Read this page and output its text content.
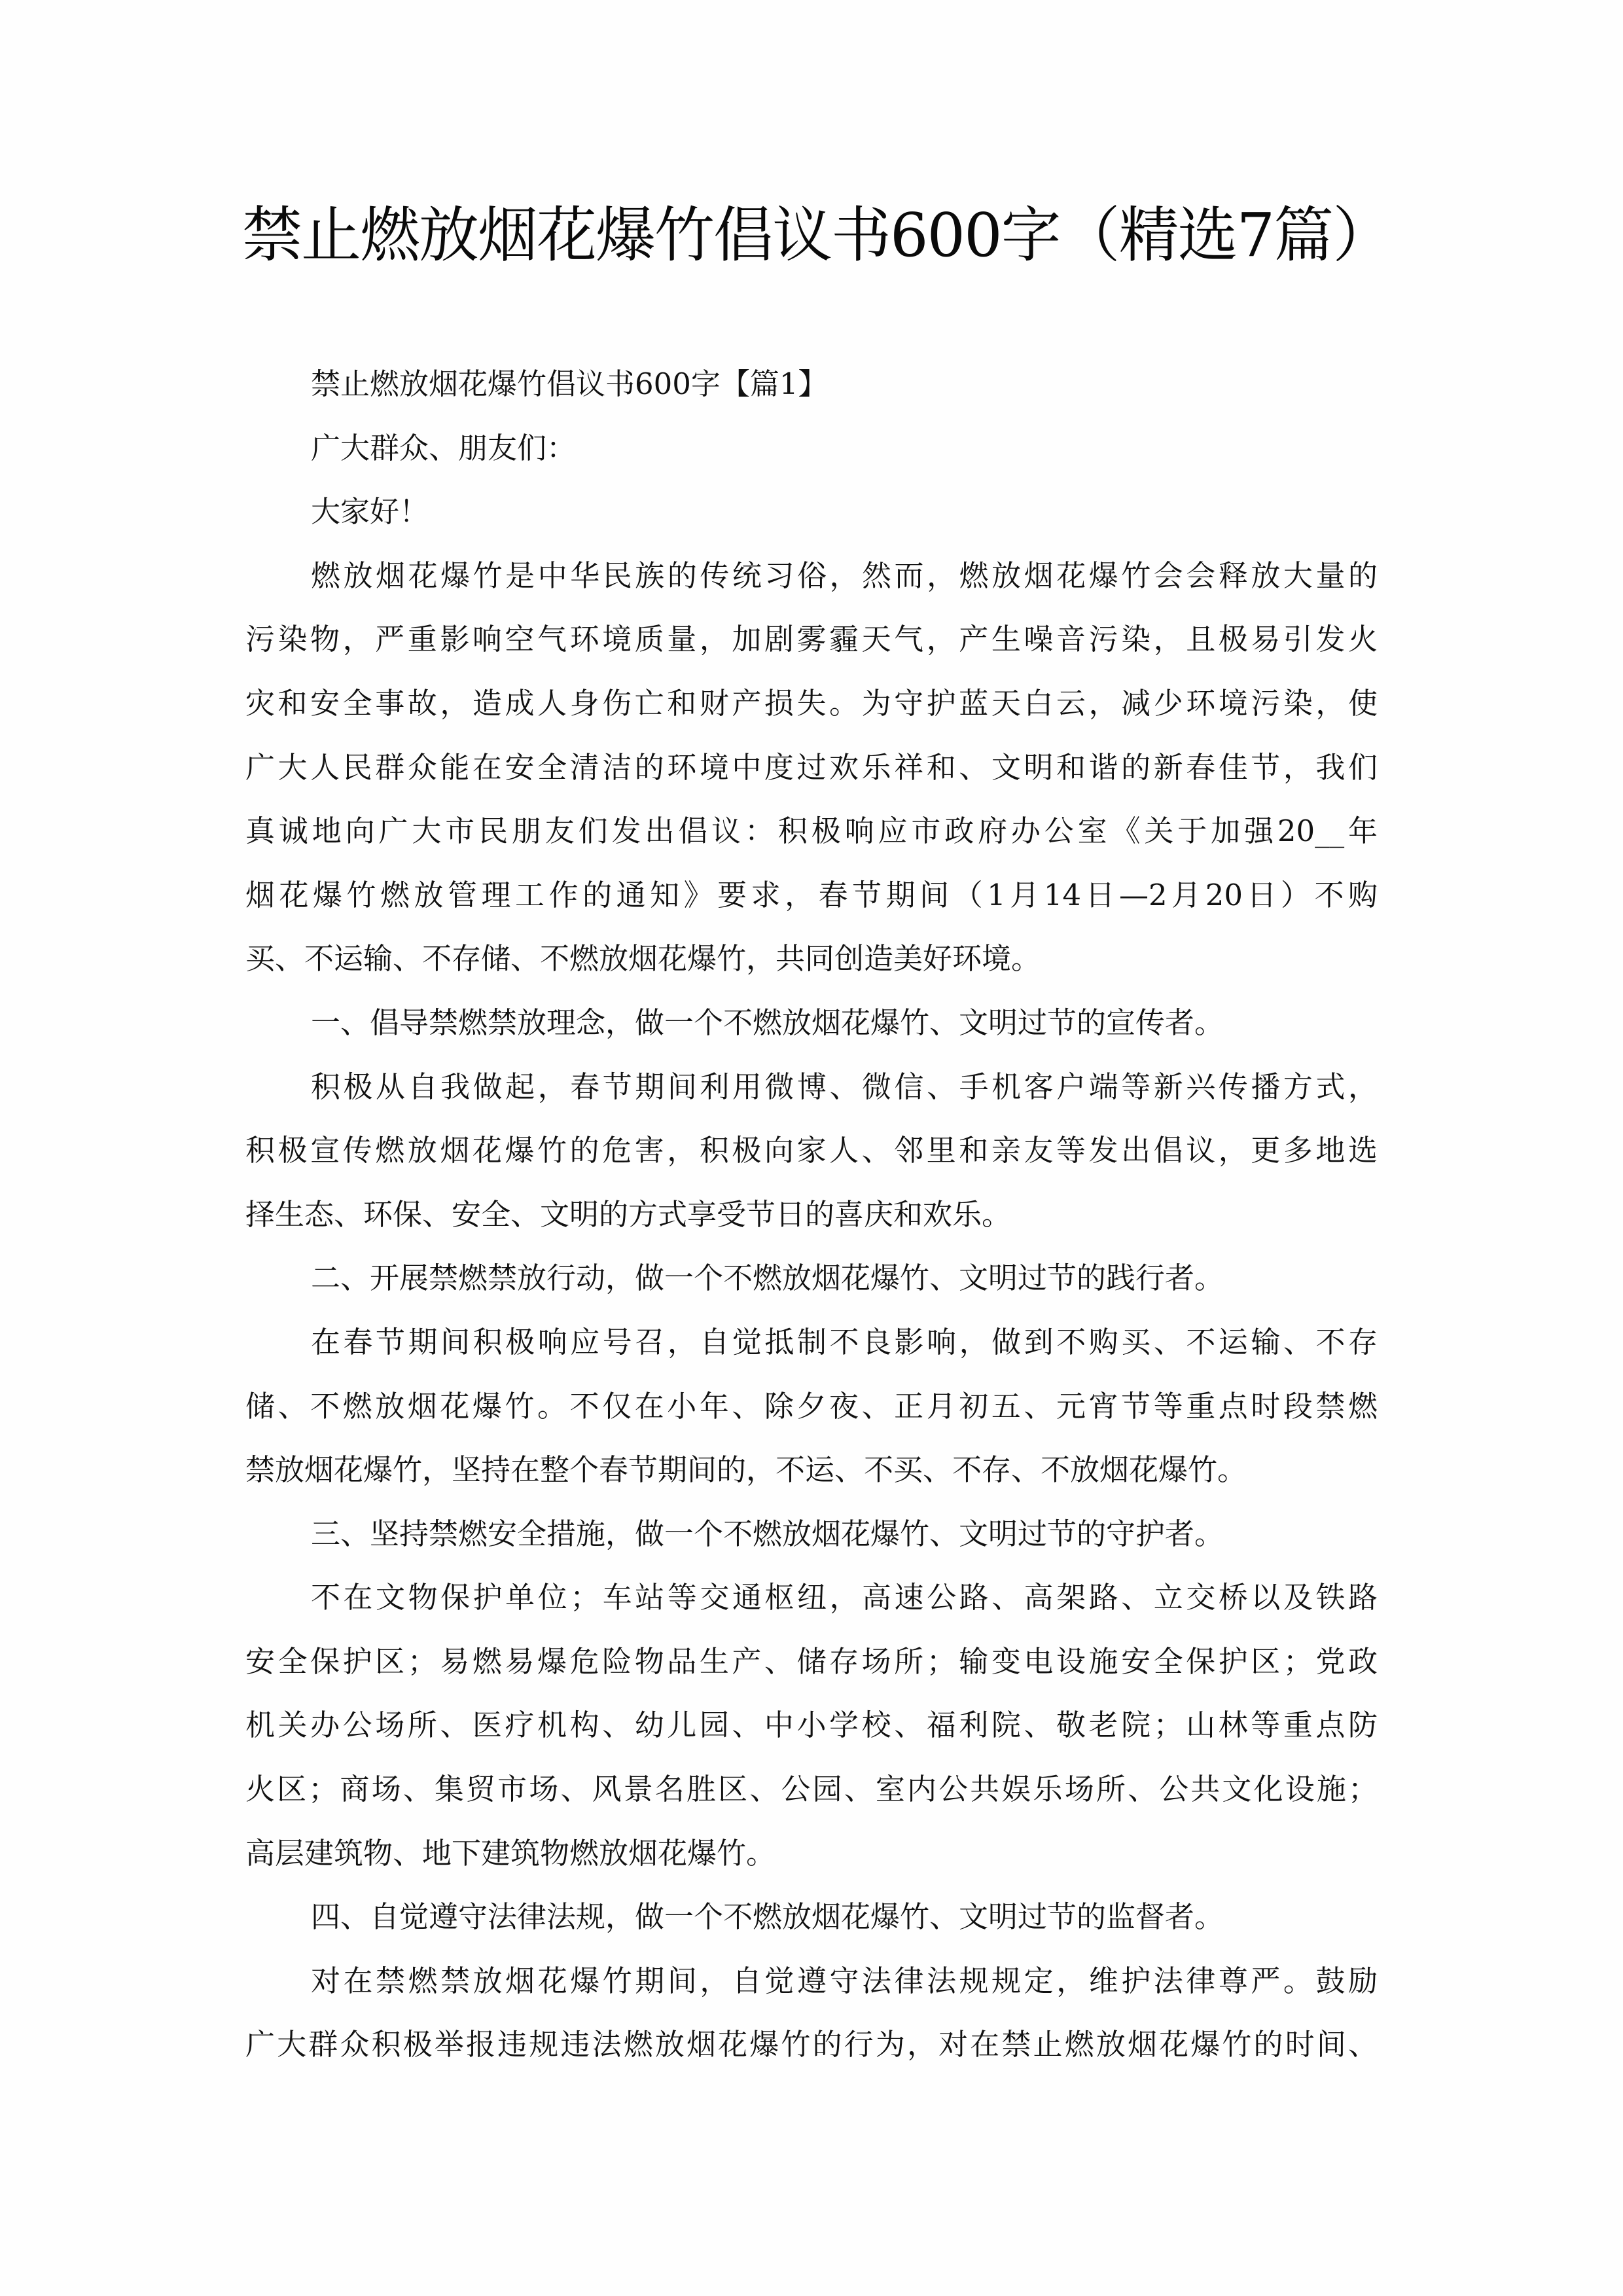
禁止燃放烟花爆竹倡议书600字（精选7篇）
禁止燃放烟花爆竹倡议书600字【篇1】
广大群众、朋友们：
大家好！
燃放烟花爆竹是中华民族的传统习俗，然而，燃放烟花爆竹会会释放大量的
污染物，严重影响空气环境质量，加剧雾霾天气，产生噪音污染，且极易引发火
灾和安全事故，造成人身伤亡和财产损失。为守护蓝天白云，减少环境污染，使
广大人民群众能在安全清洁的环境中度过欢乐祥和、文明和谐的新春佳节，我们
真诚地向广大市民朋友们发出倡议：积极响应市政府办公室《关于加强20__年
烟花爆竹燃放管理工作的通知》要求，春节期间（1月14日—2月20日）不购
买、不运输、不存储、不燃放烟花爆竹，共同创造美好环境。
一、倡导禁燃禁放理念，做一个不燃放烟花爆竹、文明过节的宣传者。
积极从自我做起，春节期间利用微博、微信、手机客户端等新兴传播方式，
积极宣传燃放烟花爆竹的危害，积极向家人、邻里和亲友等发出倡议，更多地选
择生态、环保、安全、文明的方式享受节日的喜庆和欢乐。
二、开展禁燃禁放行动，做一个不燃放烟花爆竹、文明过节的践行者。
在春节期间积极响应号召，自觉抵制不良影响，做到不购买、不运输、不存
储、不燃放烟花爆竹。不仅在小年、除夕夜、正月初五、元宵节等重点时段禁燃
禁放烟花爆竹，坚持在整个春节期间的，不运、不买、不存、不放烟花爆竹。
三、坚持禁燃安全措施，做一个不燃放烟花爆竹、文明过节的守护者。
不在文物保护单位；车站等交通枢纽，高速公路、高架路、立交桥以及铁路
安全保护区；易燃易爆危险物品生产、储存场所；输变电设施安全保护区；党政
机关办公场所、医疗机构、幼儿园、中小学校、福利院、敬老院；山林等重点防
火区；商场、集贸市场、风景名胜区、公园、室内公共娱乐场所、公共文化设施；
高层建筑物、地下建筑物燃放烟花爆竹。
四、自觉遵守法律法规，做一个不燃放烟花爆竹、文明过节的监督者。
对在禁燃禁放烟花爆竹期间，自觉遵守法律法规规定，维护法律尊严。鼓励
广大群众积极举报违规违法燃放烟花爆竹的行为，对在禁止燃放烟花爆竹的时间、
